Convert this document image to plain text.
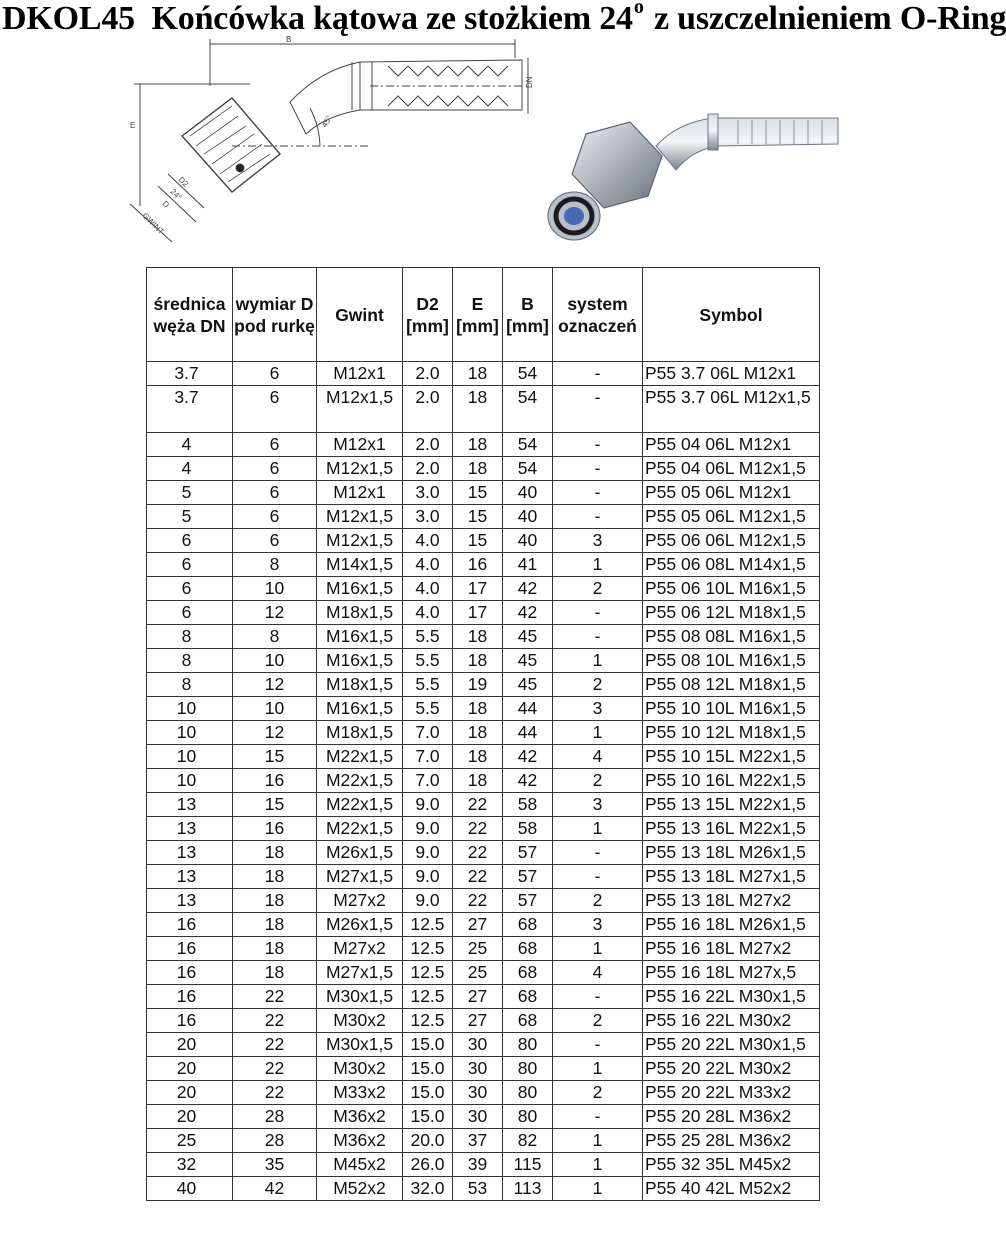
DKOL45 Końcówka kątowa ze stożkiem 24$^o$ z uszczelnieniem O-Ring
B
E
DN
45°
D2
24°
D
GWINT
średnica węża DN	wymiar D pod rurkę	Gwint	D2 [mm]	E [mm]	B [mm]	system oznaczeń	Symbol
3.7	6	M12x1	2.0	18	54	-	P55 3.7 06L M12x1
3.7	6	M12x1,5	2.0	18	54	-	P55 3.7 06L M12x1,5
4	6	M12x1	2.0	18	54	-	P55 04 06L M12x1
4	6	M12x1,5	2.0	18	54	-	P55 04 06L M12x1,5
5	6	M12x1	3.0	15	40	-	P55 05 06L M12x1
5	6	M12x1,5	3.0	15	40	-	P55 05 06L M12x1,5
6	6	M12x1,5	4.0	15	40	3	P55 06 06L M12x1,5
6	8	M14x1,5	4.0	16	41	1	P55 06 08L M14x1,5
6	10	M16x1,5	4.0	17	42	2	P55 06 10L M16x1,5
6	12	M18x1,5	4.0	17	42	-	P55 06 12L M18x1,5
8	8	M16x1,5	5.5	18	45	-	P55 08 08L M16x1,5
8	10	M16x1,5	5.5	18	45	1	P55 08 10L M16x1,5
8	12	M18x1,5	5.5	19	45	2	P55 08 12L M18x1,5
10	10	M16x1,5	5.5	18	44	3	P55 10 10L M16x1,5
10	12	M18x1,5	7.0	18	44	1	P55 10 12L M18x1,5
10	15	M22x1,5	7.0	18	42	4	P55 10 15L M22x1,5
10	16	M22x1,5	7.0	18	42	2	P55 10 16L M22x1,5
13	15	M22x1,5	9.0	22	58	3	P55 13 15L M22x1,5
13	16	M22x1,5	9.0	22	58	1	P55 13 16L M22x1,5
13	18	M26x1,5	9.0	22	57	-	P55 13 18L M26x1,5
13	18	M27x1,5	9.0	22	57	-	P55 13 18L M27x1,5
13	18	M27x2	9.0	22	57	2	P55 13 18L M27x2
16	18	M26x1,5	12.5	27	68	3	P55 16 18L M26x1,5
16	18	M27x2	12.5	25	68	1	P55 16 18L M27x2
16	18	M27x1,5	12.5	25	68	4	P55 16 18L M27x,5
16	22	M30x1,5	12.5	27	68	-	P55 16 22L M30x1,5
16	22	M30x2	12.5	27	68	2	P55 16 22L M30x2
20	22	M30x1,5	15.0	30	80	-	P55 20 22L M30x1,5
20	22	M30x2	15.0	30	80	1	P55 20 22L M30x2
20	22	M33x2	15.0	30	80	2	P55 20 22L M33x2
20	28	M36x2	15.0	30	80	-	P55 20 28L M36x2
25	28	M36x2	20.0	37	82	1	P55 25 28L M36x2
32	35	M45x2	26.0	39	115	1	P55 32 35L M45x2
40	42	M52x2	32.0	53	113	1	P55 40 42L M52x2
